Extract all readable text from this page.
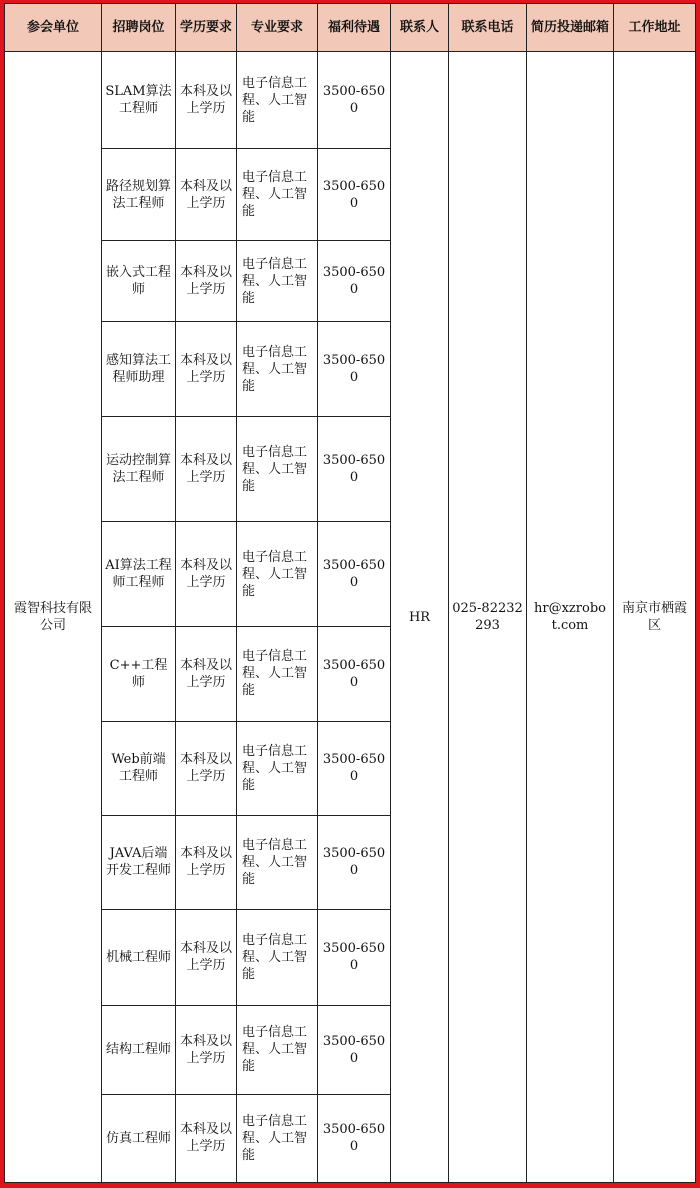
参会单位	招聘岗位	学历要求	专业要求	福利待遇	联系人	联系电话	简历投递邮箱	工作地址
霞智科技有限公司	SLAM算法工程师	本科及以上学历	电子信息工程、人工智能	3500-6500	HR	025-82232293	hr@xzrobot.com	南京市栖霞区
	路径规划算法工程师	本科及以上学历	电子信息工程、人工智能	3500-6500				
	嵌入式工程师	本科及以上学历	电子信息工程、人工智能	3500-6500				
	感知算法工程师助理	本科及以上学历	电子信息工程、人工智能	3500-6500				
	运动控制算法工程师	本科及以上学历	电子信息工程、人工智能	3500-6500				
	AI算法工程师工程师	本科及以上学历	电子信息工程、人工智能	3500-6500				
	C++工程师	本科及以上学历	电子信息工程、人工智能	3500-6500				
	Web前端工程师	本科及以上学历	电子信息工程、人工智能	3500-6500				
	JAVA后端开发工程师	本科及以上学历	电子信息工程、人工智能	3500-6500				
	机械工程师	本科及以上学历	电子信息工程、人工智能	3500-6500				
	结构工程师	本科及以上学历	电子信息工程、人工智能	3500-6500				
	仿真工程师	本科及以上学历	电子信息工程、人工智能	3500-6500				
